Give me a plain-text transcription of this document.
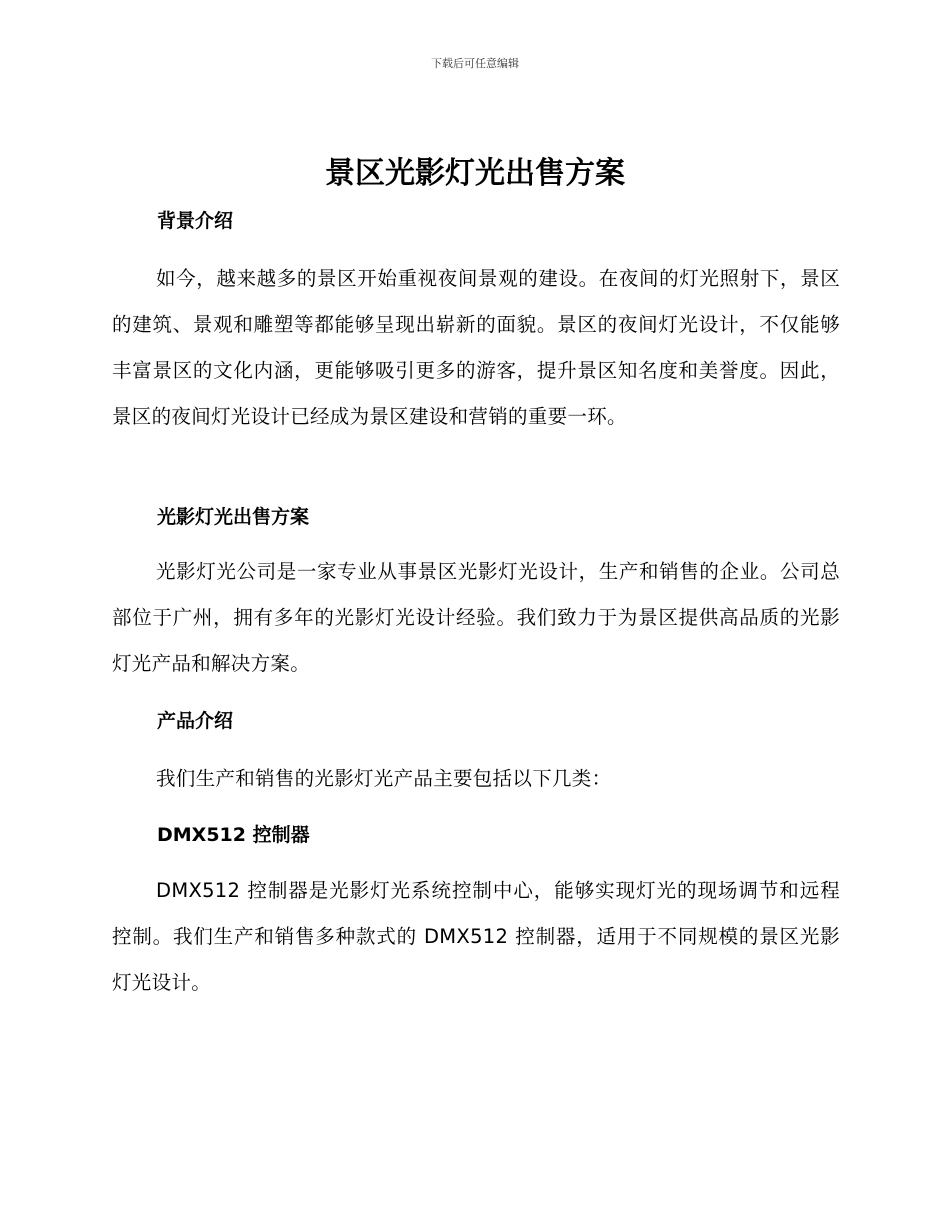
下载后可任意编辑
景区光影灯光出售方案
背景介绍

如今，越来越多的景区开始重视夜间景观的建设。在夜间的灯光照射下，景区的建筑、景观和雕塑等都能够呈现出崭新的面貌。景区的夜间灯光设计，不仅能够丰富景区的文化内涵，更能够吸引更多的游客，提升景区知名度和美誉度。因此，景区的夜间灯光设计已经成为景区建设和营销的重要一环。

光影灯光出售方案

光影灯光公司是一家专业从事景区光影灯光设计，生产和销售的企业。公司总部位于广州，拥有多年的光影灯光设计经验。我们致力于为景区提供高品质的光影灯光产品和解决方案。

产品介绍

我们生产和销售的光影灯光产品主要包括以下几类：

DMX512 控制器

DMX512 控制器是光影灯光系统控制中心，能够实现灯光的现场调节和远程控制。我们生产和销售多种款式的 DMX512 控制器，适用于不同规模的景区光影灯光设计。
